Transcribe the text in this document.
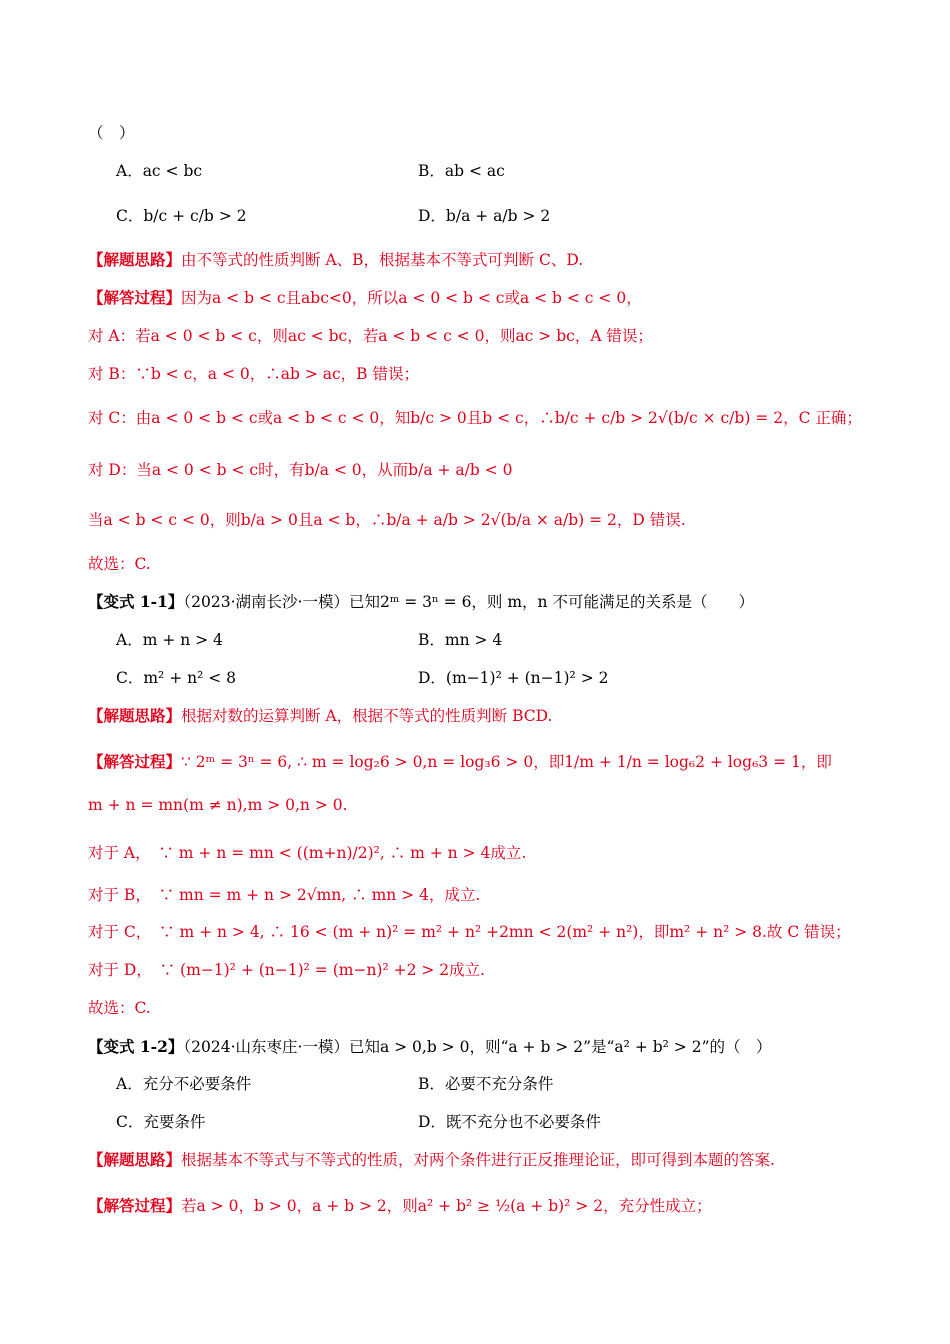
（　）
A．ac < bc	B．ab < ac
C．b/c + c/b > 2	D．b/a + a/b > 2
【解题思路】由不等式的性质判断 A、B，根据基本不等式可判断 C、D.
【解答过程】因为a < b < c且abc<0，所以a < 0 < b < c或a < b < c < 0，
对 A：若a < 0 < b < c，则ac < bc，若a < b < c < 0，则ac > bc，A 错误；
对 B：∵b < c，a < 0，∴ab > ac，B 错误；
对 C：由a < 0 < b < c或a < b < c < 0，知b/c > 0且b < c，∴b/c + c/b > 2√(b/c × c/b) = 2，C 正确；
对 D：当a < 0 < b < c时，有b/a < 0，从而b/a + a/b < 0
当a < b < c < 0，则b/a > 0且a < b，∴b/a + a/b > 2√(b/a × a/b) = 2，D 错误.
故选：C.
【变式 1-1】（2023·湖南长沙·一模）已知2ᵐ = 3ⁿ = 6，则 m，n 不可能满足的关系是（　　）
A．m + n > 4	B．mn > 4
C．m² + n² < 8	D．(m−1)² + (n−1)² > 2
【解题思路】根据对数的运算判断 A，根据不等式的性质判断 BCD.
【解答过程】∵ 2ᵐ = 3ⁿ = 6, ∴ m = log₂6 > 0,n = log₃6 > 0，即1/m + 1/n = log₆2 + log₆3 = 1，即
m + n = mn(m ≠ n),m > 0,n > 0.
对于 A，　∵ m + n = mn < ((m+n)/2)², ∴ m + n > 4成立.
对于 B，　∵ mn = m + n > 2√mn, ∴ mn > 4，成立.
对于 C，　∵ m + n > 4, ∴ 16 < (m + n)² = m² + n² +2mn < 2(m² + n²)，即m² + n² > 8.故 C 错误；
对于 D，　∵ (m−1)² + (n−1)² = (m−n)² +2 > 2成立.
故选：C.
【变式 1-2】（2024·山东枣庄·一模）已知a > 0,b > 0，则“a + b > 2”是“a² + b² > 2”的（　）
A．充分不必要条件	B．必要不充分条件
C．充要条件	D．既不充分也不必要条件
【解题思路】根据基本不等式与不等式的性质，对两个条件进行正反推理论证，即可得到本题的答案.
【解答过程】若a > 0，b > 0，a + b > 2，则a² + b² ≥ ½(a + b)² > 2，充分性成立；
